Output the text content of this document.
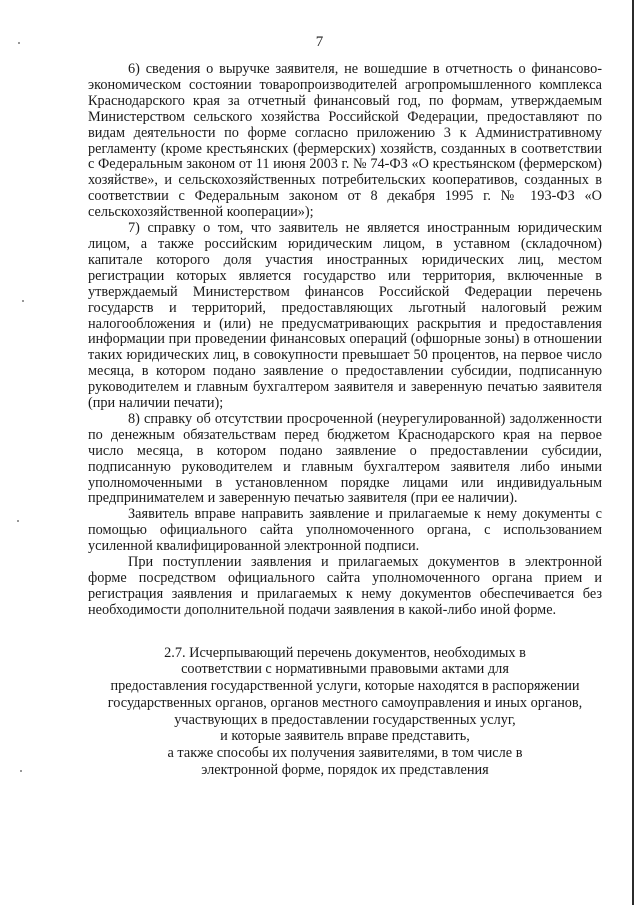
7

6) сведения о выручке заявителя, не вошедшие в отчетность о финансово-экономическом состоянии товаропроизводителей агропромышленного комплекса Краснодарского края за отчетный финансовый год, по формам, утверждаемым Министерством сельского хозяйства Российской Федерации, предоставляют по видам деятельности по форме согласно приложению 3 к Административному регламенту (кроме крестьянских (фермерских) хозяйств, созданных в соответствии с Федеральным законом от 11 июня 2003 г. № 74-ФЗ «О крестьянском (фермерском) хозяйстве», и сельскохозяйственных потребительских кооперативов, созданных в соответствии с Федеральным законом от 8 декабря 1995 г. № 193-ФЗ «О сельскохозяйственной кооперации»);

7) справку о том, что заявитель не является иностранным юридическим лицом, а также российским юридическим лицом, в уставном (складочном) капитале которого доля участия иностранных юридических лиц, местом регистрации которых является государство или территория, включенные в утверждаемый Министерством финансов Российской Федерации перечень государств и территорий, предоставляющих льготный налоговый режим налогообложения и (или) не предусматривающих раскрытия и предоставления информации при проведении финансовых операций (офшорные зоны) в отношении таких юридических лиц, в совокупности превышает 50 процентов, на первое число месяца, в котором подано заявление о предоставлении субсидии, подписанную руководителем и главным бухгалтером заявителя и заверенную печатью заявителя (при наличии печати);

8) справку об отсутствии просроченной (неурегулированной) задолженности по денежным обязательствам перед бюджетом Краснодарского края на первое число месяца, в котором подано заявление о предоставлении субсидии, подписанную руководителем и главным бухгалтером заявителя либо иными уполномоченными в установленном порядке лицами или индивидуальным предпринимателем и заверенную печатью заявителя (при ее наличии).

Заявитель вправе направить заявление и прилагаемые к нему документы с помощью официального сайта уполномоченного органа, с использованием усиленной квалифицированной электронной подписи.

При поступлении заявления и прилагаемых документов в электронной форме посредством официального сайта уполномоченного органа прием и регистрация заявления и прилагаемых к нему документов обеспечивается без необходимости дополнительной подачи заявления в какой-либо иной форме.

2.7. Исчерпывающий перечень документов, необходимых в
соответствии с нормативными правовыми актами для
предоставления государственной услуги, которые находятся в распоряжении
государственных органов, органов местного самоуправления и иных органов,
участвующих в предоставлении государственных услуг,
и которые заявитель вправе представить,
а также способы их получения заявителями, в том числе в
электронной форме, порядок их представления
